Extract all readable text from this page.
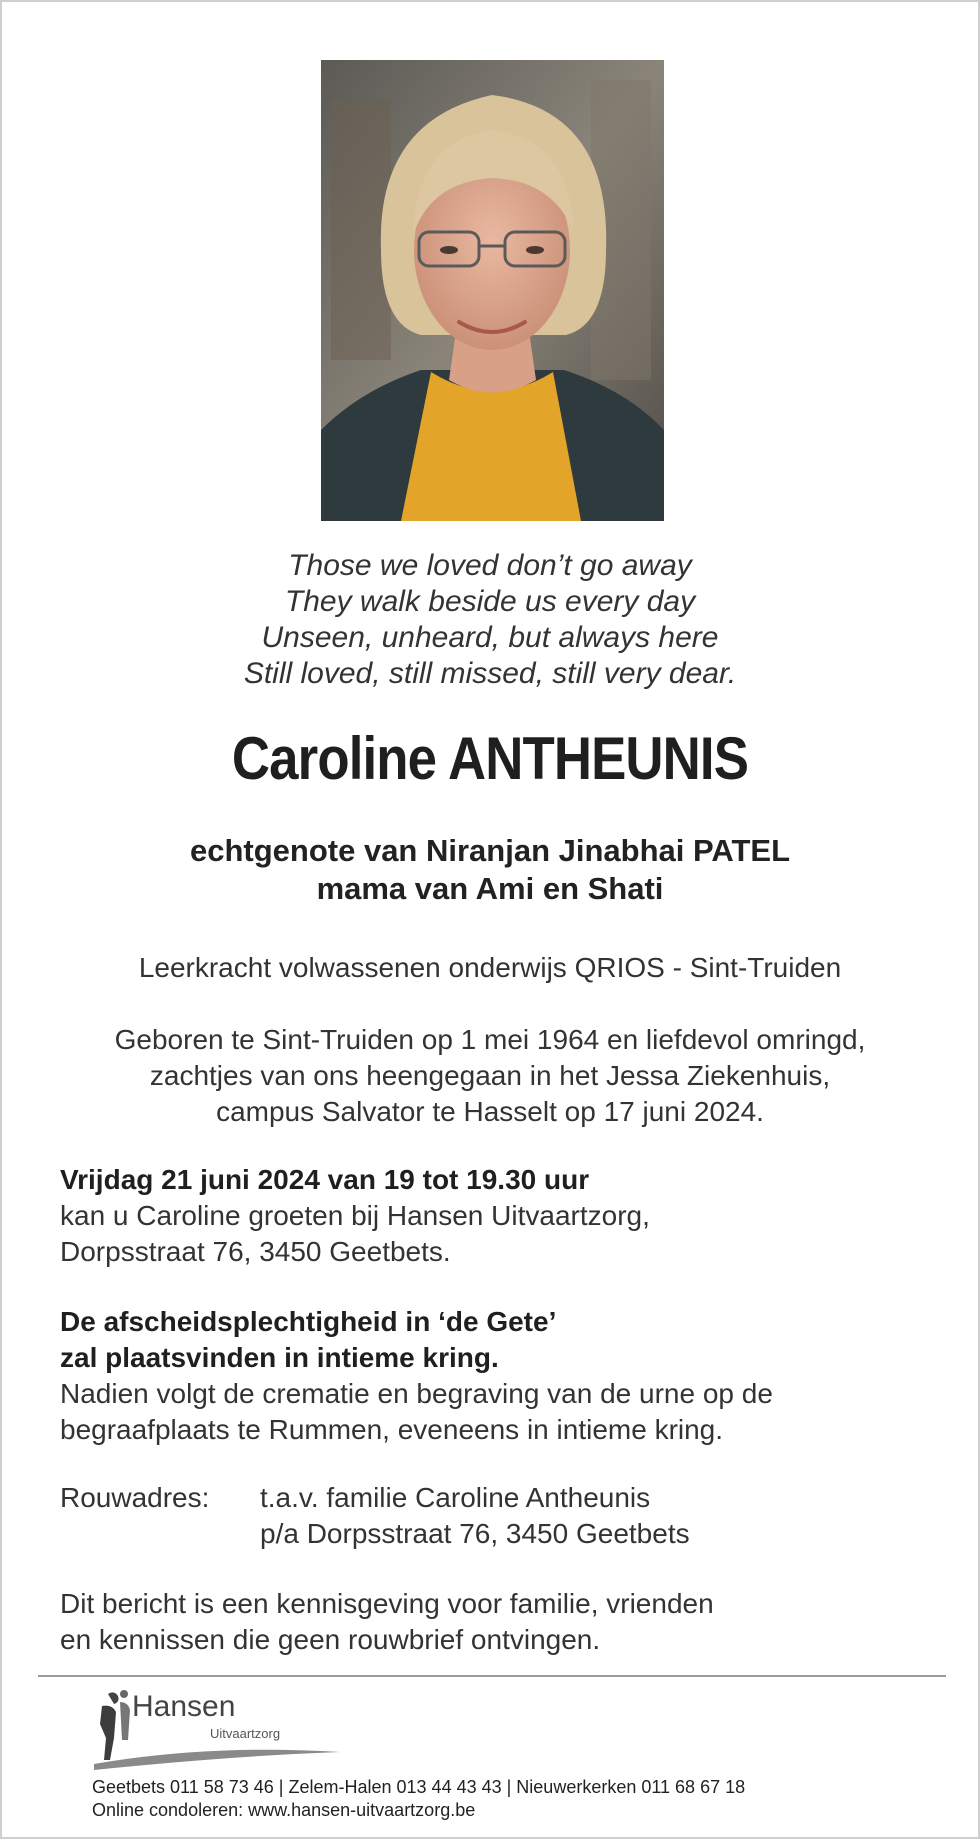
Those we loved don’t go away
They walk beside us every day
Unseen, unheard, but always here
Still loved, still missed, still very dear.
Caroline ANTHEUNIS
echtgenote van Niranjan Jinabhai PATEL
mama van Ami en Shati
Leerkracht volwassenen onderwijs QRIOS - Sint-Truiden
Geboren te Sint-Truiden op 1 mei 1964 en liefdevol omringd,
zachtjes van ons heengegaan in het Jessa Ziekenhuis,
campus Salvator te Hasselt op 17 juni 2024.
Vrijdag 21 juni 2024 van 19 tot 19.30 uur
kan u Caroline groeten bij Hansen Uitvaartzorg,
Dorpsstraat 76, 3450 Geetbets.
De afscheidsplechtigheid in ‘de Gete’
zal plaatsvinden in intieme kring.
Nadien volgt de crematie en begraving van de urne op de
begraafplaats te Rummen, eveneens in intieme kring.
Rouwadres: t.a.v. familie Caroline Antheunis
p/a Dorpsstraat 76, 3450 Geetbets
Dit bericht is een kennisgeving voor familie, vrienden
en kennissen die geen rouwbrief ontvingen.
Hansen
Uitvaartzorg
Geetbets 011 58 73 46 | Zelem-Halen 013 44 43 43 | Nieuwerkerken 011 68 67 18
Online condoleren: www.hansen-uitvaartzorg.be
